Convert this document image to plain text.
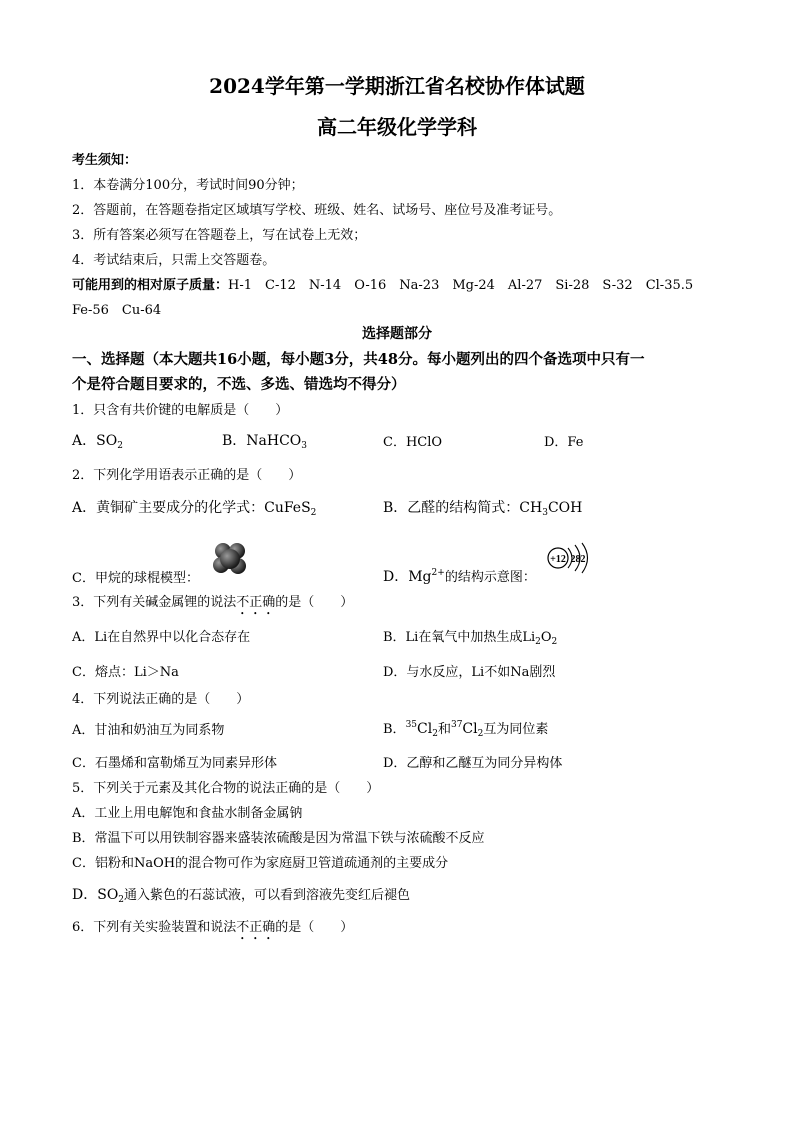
2024学年第一学期浙江省名校协作体试题
高二年级化学学科
考生须知：
1．本卷满分100分，考试时间90分钟；
2．答题前，在答题卷指定区域填写学校、班级、姓名、试场号、座位号及准考证号。
3．所有答案必须写在答题卷上，写在试卷上无效；
4．考试结束后，只需上交答题卷。
可能用到的相对原子质量：H-1　C-12　N-14　O-16　Na-23　Mg-24　Al-27　Si-28　S-32　Cl-35.5
Fe-56　Cu-64
选择题部分
一、选择题（本大题共16小题，每小题3分，共48分。每小题列出的四个备选项中只有一
个是符合题目要求的，不选、多选、错选均不得分）
1．只含有共价键的电解质是（　　）
A．$SO_2$	B．NaHCO$_3$	C．HClO	D．Fe
2．下列化学用语表示正确的是（　　）
A．黄铜矿主要成分的化学式：CuFeS$_2$	B．乙醛的结构简式：$CH_3COH$
C．甲烷的球棍模型：	D．$Mg^{2+}$的结构示意图：
+12 282
3．下列有关碱金属锂的说法不正确的是（　　）
A．Li在自然界中以化合态存在	B．Li在氧气中加热生成$Li_2O_2$
C．熔点：Li＞Na	D．与水反应，Li不如Na剧烈
4．下列说法正确的是（　　）
A．甘油和奶油互为同系物	B．$^{35}Cl_2$和$^{37}Cl_2$互为同位素
C．石墨烯和富勒烯互为同素异形体	D．乙醇和乙醚互为同分异构体
5．下列关于元素及其化合物的说法正确的是（　　）
A．工业上用电解饱和食盐水制备金属钠
B．常温下可以用铁制容器来盛装浓硫酸是因为常温下铁与浓硫酸不反应
C．铝粉和NaOH的混合物可作为家庭厨卫管道疏通剂的主要成分
D．$SO_2$通入紫色的石蕊试液，可以看到溶液先变红后褪色
6．下列有关实验装置和说法不正确的是（　　）
